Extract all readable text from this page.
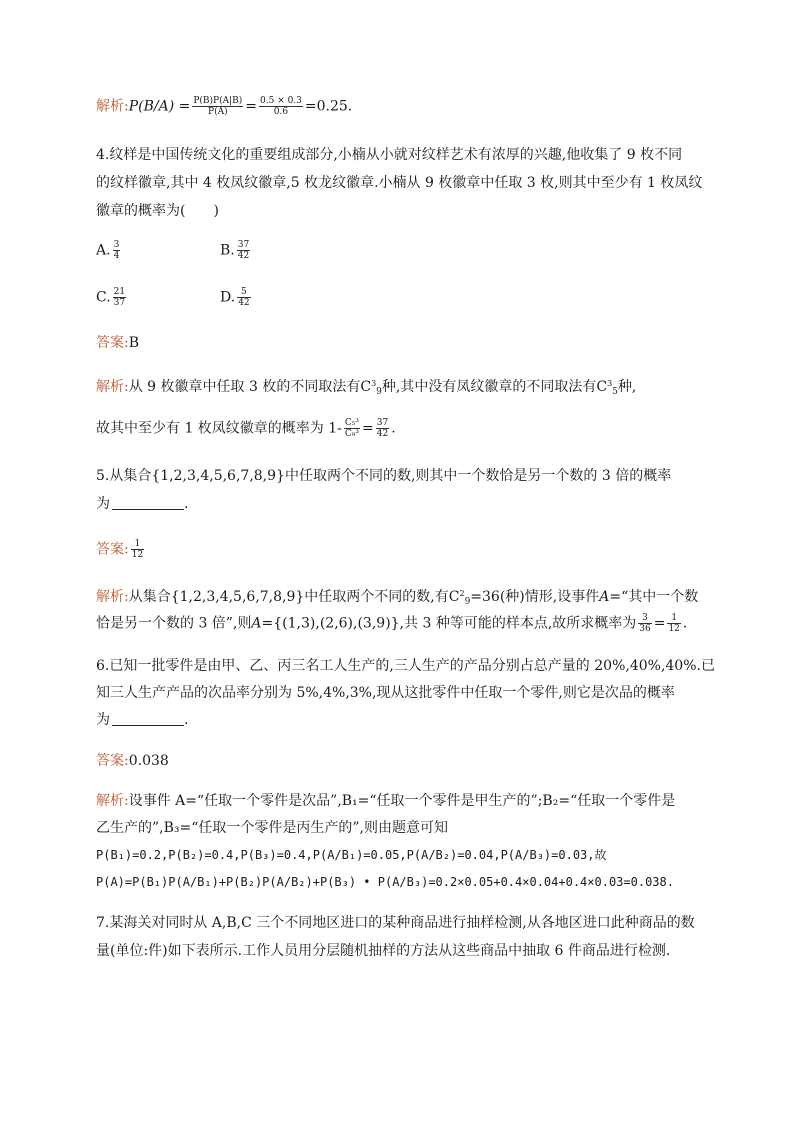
解析:P(B/A) = $\frac{P(B)P(A|B)}{P(A)} = \frac{0.5 \times 0.3}{0.6} =0.25$.
4.纹样是中国传统文化的重要组成部分,小楠从小就对纹样艺术有浓厚的兴趣,他收集了 9 枚不同
的纹样徽章,其中 4 枚凤纹徽章,5 枚龙纹徽章.小楠从 9 枚徽章中任取 3 枚,则其中至少有 1 枚凤纹
徽章的概率为(　　)
A. $\frac{3}{4}$	B. $\frac{37}{42}$
C. $\frac{21}{37}$	D. $\frac{5}{42}$
答案:B
解析:从 9 枚徽章中任取 3 枚的不同取法有$C^3_9$种,其中没有凤纹徽章的不同取法有$C^3_5$种,
故其中至少有 1 枚凤纹徽章的概率为 $1- \frac{\text{C₅³}}{\text{C₉³}} = \frac{37}{42}$ .
5.从集合{1,2,3,4,5,6,7,8,9}中任取两个不同的数,则其中一个数恰是另一个数的 3 倍的概率
为	.
答案: $\frac{1}{12}$
解析:从集合{1,2,3,4,5,6,7,8,9}中任取两个不同的数,有$C^2_9=36$(种)情形,设事件A=“其中一个数
恰是另一个数的 3 倍”,则A={(1,3),(2,6),(3,9)},共 3 种等可能的样本点,故所求概率为 $\frac{3}{36} = \frac{1}{12}$ .
6.已知一批零件是由甲、乙、丙三名工人生产的,三人生产的产品分别占总产量的 20%,40%,40%.已
知三人生产产品的次品率分别为 5%,4%,3%,现从这批零件中任取一个零件,则它是次品的概率
为	.
答案:0.038
解析:设事件 A=“任取一个零件是次品”,B₁=“任取一个零件是甲生产的”;B₂=“任取一个零件是
乙生产的”,B₃=“任取一个零件是丙生产的”,则由题意可知
P(B₁)=0.2,P(B₂)=0.4,P(B₃)=0.4,P(A/B₁)=0.05,P(A/B₂)=0.04,P(A/B₃)=0.03,故
P(A)=P(B₁)P(A/B₁)+P(B₂)P(A/B₂)+P(B₃) • P(A/B₃)=0.2×0.05+0.4×0.04+0.4×0.03=0.038.
7.某海关对同时从 A,B,C 三个不同地区进口的某种商品进行抽样检测,从各地区进口此种商品的数
量(单位:件)如下表所示.工作人员用分层随机抽样的方法从这些商品中抽取 6 件商品进行检测.
